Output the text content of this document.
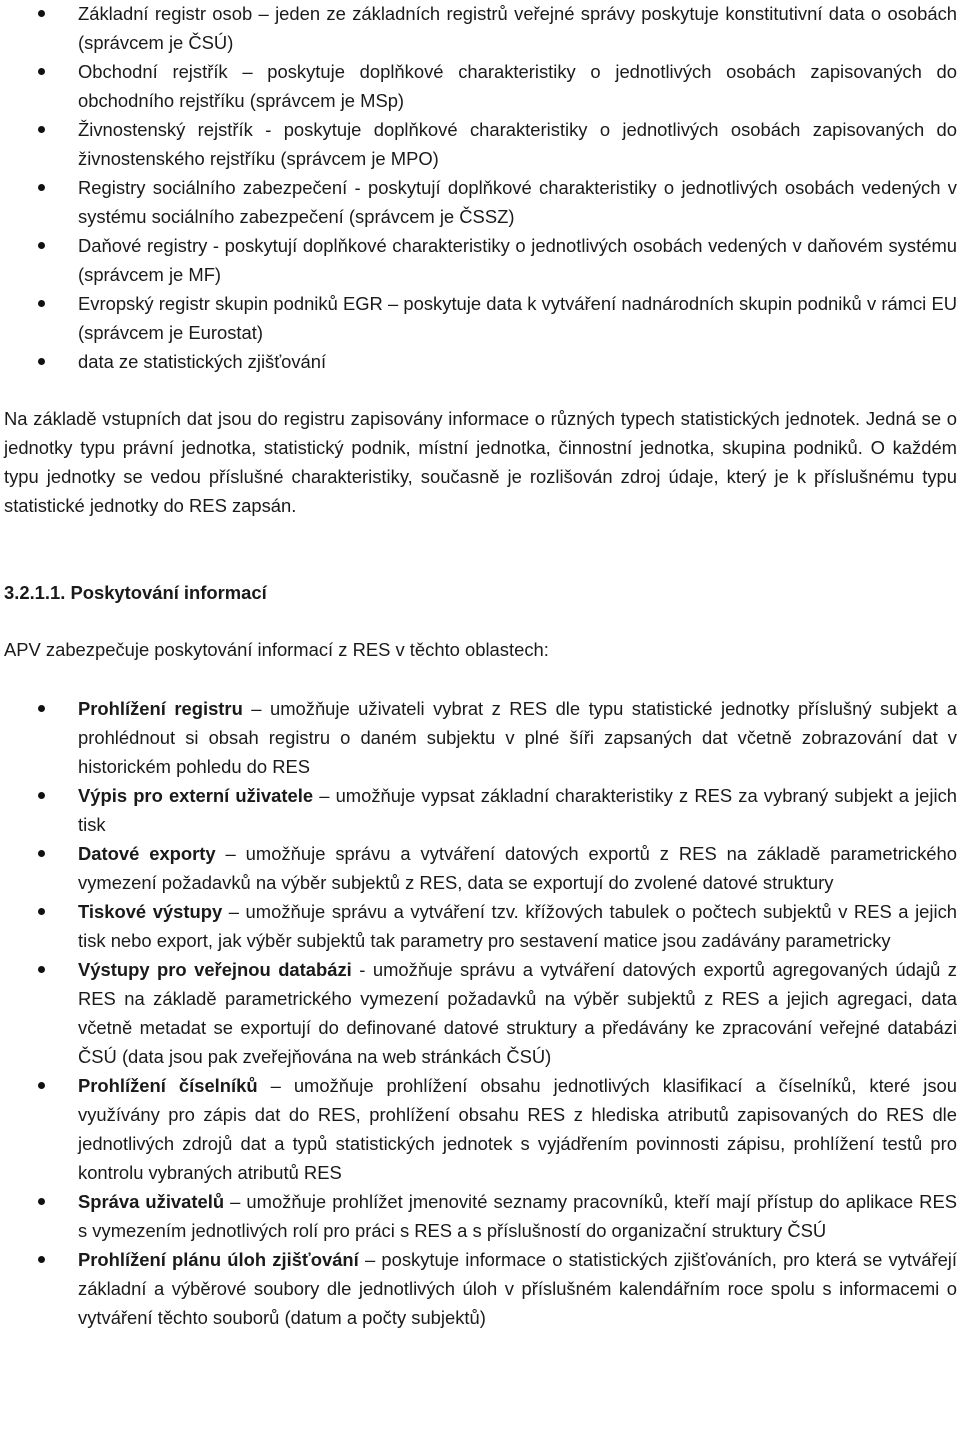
Základní registr osob – jeden ze základních registrů veřejné správy poskytuje konstitutivní data o osobách (správcem je ČSÚ)
Obchodní rejstřík – poskytuje doplňkové charakteristiky o jednotlivých osobách zapisovaných do obchodního rejstříku (správcem je MSp)
Živnostenský rejstřík - poskytuje doplňkové charakteristiky o jednotlivých osobách zapisovaných do živnostenského rejstříku (správcem je MPO)
Registry sociálního zabezpečení - poskytují doplňkové charakteristiky o jednotlivých osobách vedených v systému sociálního zabezpečení (správcem je ČSSZ)
Daňové registry - poskytují doplňkové charakteristiky o jednotlivých osobách vedených v daňovém systému (správcem je MF)
Evropský registr skupin podniků EGR – poskytuje data k vytváření nadnárodních skupin podniků v rámci EU (správcem je Eurostat)
data ze statistických zjišťování

Na základě vstupních dat jsou do registru zapisovány informace o různých typech statistických jednotek. Jedná se o jednotky typu právní jednotka, statistický podnik, místní jednotka, činnostní jednotka, skupina podniků. O každém typu jednotky se vedou příslušné charakteristiky, současně je rozlišován zdroj údaje, který je k příslušnému typu statistické jednotky do RES zapsán.

3.2.1.1. Poskytování informací

APV zabezpečuje poskytování informací z RES v těchto oblastech:

Prohlížení registru – umožňuje uživateli vybrat z RES dle typu statistické jednotky příslušný subjekt a prohlédnout si obsah registru o daném subjektu v plné šíři zapsaných dat včetně zobrazování dat v historickém pohledu do RES
Výpis pro externí uživatele – umožňuje vypsat základní charakteristiky z RES za vybraný subjekt a jejich tisk
Datové exporty – umožňuje správu a vytváření datových exportů z RES na základě parametrického vymezení požadavků na výběr subjektů z RES, data se exportují do zvolené datové struktury
Tiskové výstupy – umožňuje správu a vytváření tzv. křížových tabulek o počtech subjektů v RES a jejich tisk nebo export, jak výběr subjektů tak parametry pro sestavení matice jsou zadávány parametricky
Výstupy pro veřejnou databázi - umožňuje správu a vytváření datových exportů agregovaných údajů z RES na základě parametrického vymezení požadavků na výběr subjektů z RES a jejich agregaci, data včetně metadat se exportují do definované datové struktury a předávány ke zpracování veřejné databázi ČSÚ (data jsou pak zveřejňována na web stránkách ČSÚ)
Prohlížení číselníků – umožňuje prohlížení obsahu jednotlivých klasifikací a číselníků, které jsou využívány pro zápis dat do RES, prohlížení obsahu RES z hlediska atributů zapisovaných do RES dle jednotlivých zdrojů dat a typů statistických jednotek s vyjádřením povinnosti zápisu, prohlížení testů pro kontrolu vybraných atributů RES
Správa uživatelů – umožňuje prohlížet jmenovité seznamy pracovníků, kteří mají přístup do aplikace RES s vymezením jednotlivých rolí pro práci s RES a s příslušností do organizační struktury ČSÚ
Prohlížení plánu úloh zjišťování – poskytuje informace o statistických zjišťováních, pro která se vytvářejí základní a výběrové soubory dle jednotlivých úloh v příslušném kalendářním roce spolu s informacemi o vytváření těchto souborů (datum a počty subjektů)
